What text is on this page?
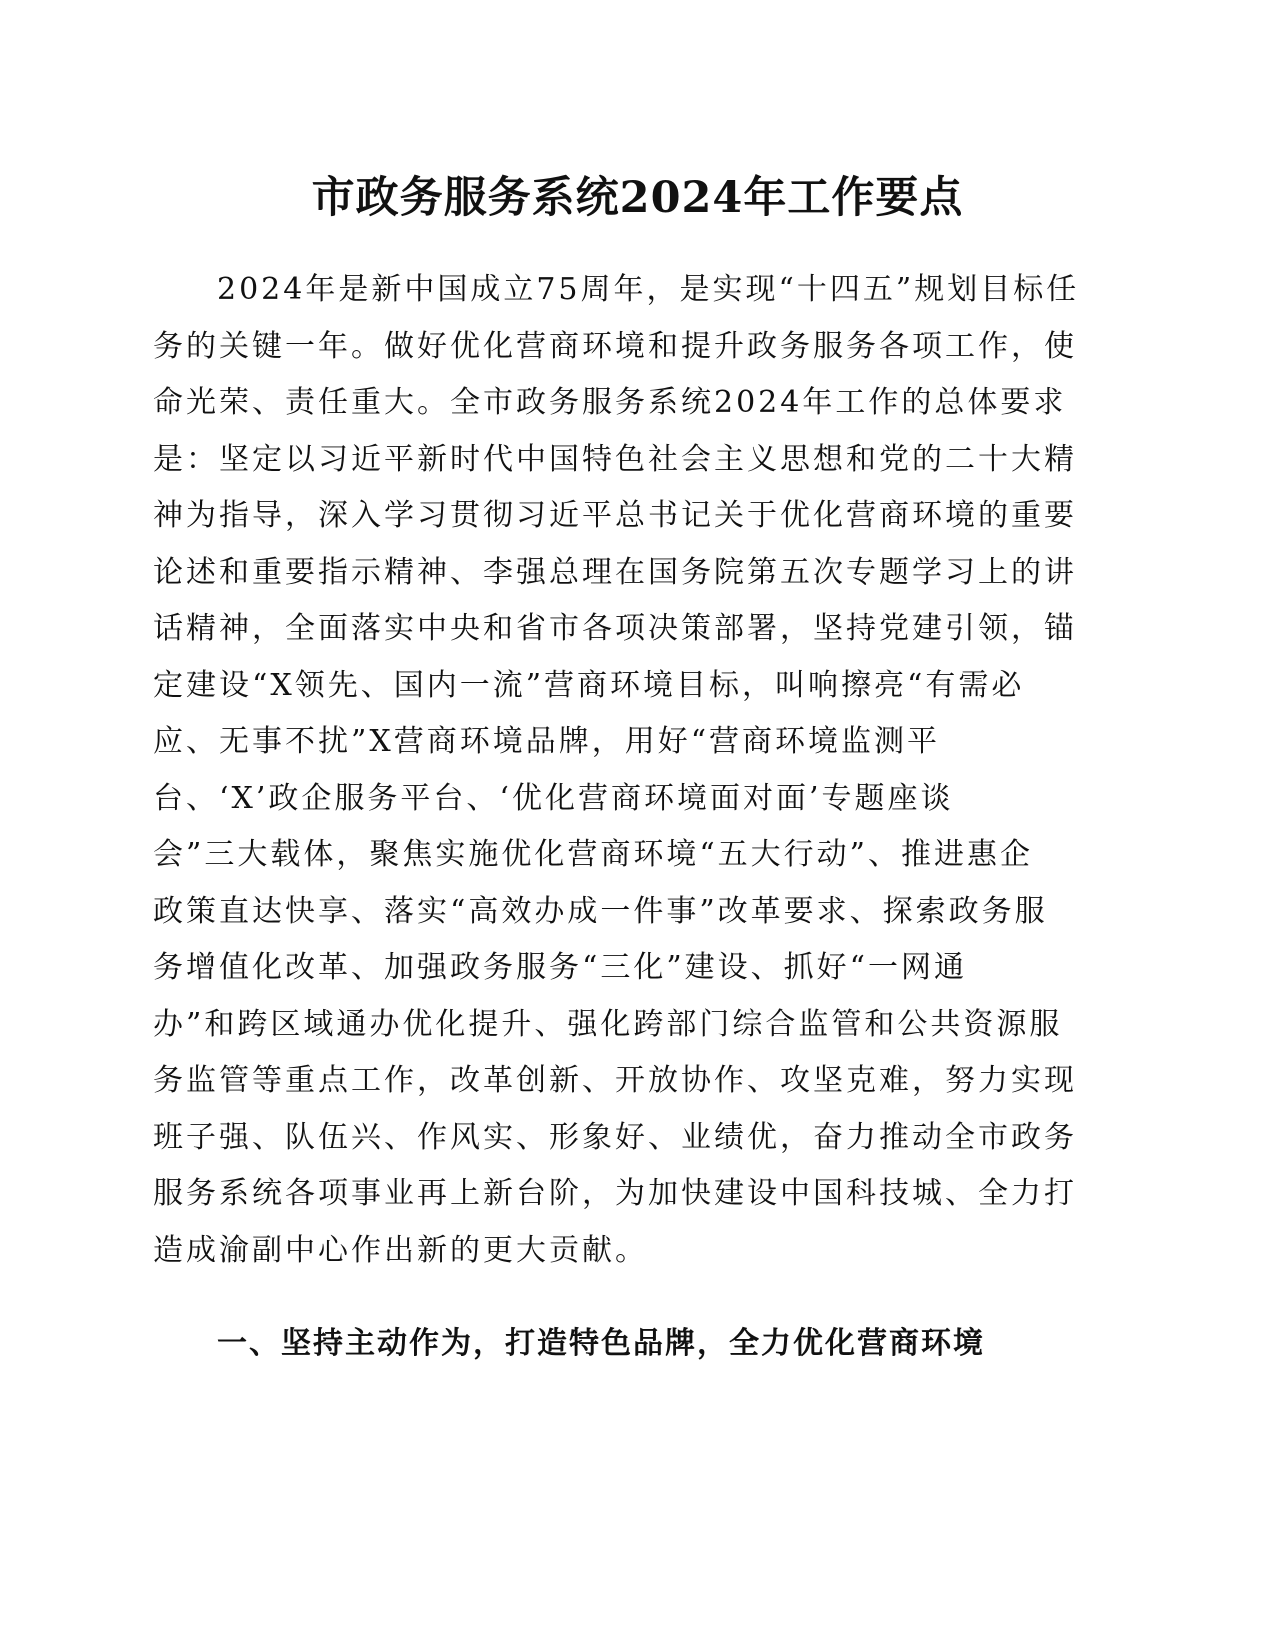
市政务服务系统2024年工作要点
2024年是新中国成立75周年，是实现“十四五”规划目标任
务的关键一年。做好优化营商环境和提升政务服务各项工作，使
命光荣、责任重大。全市政务服务系统2024年工作的总体要求
是：坚定以习近平新时代中国特色社会主义思想和党的二十大精
神为指导，深入学习贯彻习近平总书记关于优化营商环境的重要
论述和重要指示精神、李强总理在国务院第五次专题学习上的讲
话精神，全面落实中央和省市各项决策部署，坚持党建引领，锚
定建设“X领先、国内一流”营商环境目标，叫响擦亮“有需必
应、无事不扰”X营商环境品牌，用好“营商环境监测平
台、‘X’政企服务平台、‘优化营商环境面对面’专题座谈
会”三大载体，聚焦实施优化营商环境“五大行动”、推进惠企
政策直达快享、落实“高效办成一件事”改革要求、探索政务服
务增值化改革、加强政务服务“三化”建设、抓好“一网通
办”和跨区域通办优化提升、强化跨部门综合监管和公共资源服
务监管等重点工作，改革创新、开放协作、攻坚克难，努力实现
班子强、队伍兴、作风实、形象好、业绩优，奋力推动全市政务
服务系统各项事业再上新台阶，为加快建设中国科技城、全力打
造成渝副中心作出新的更大贡献。
一、坚持主动作为，打造特色品牌，全力优化营商环境
